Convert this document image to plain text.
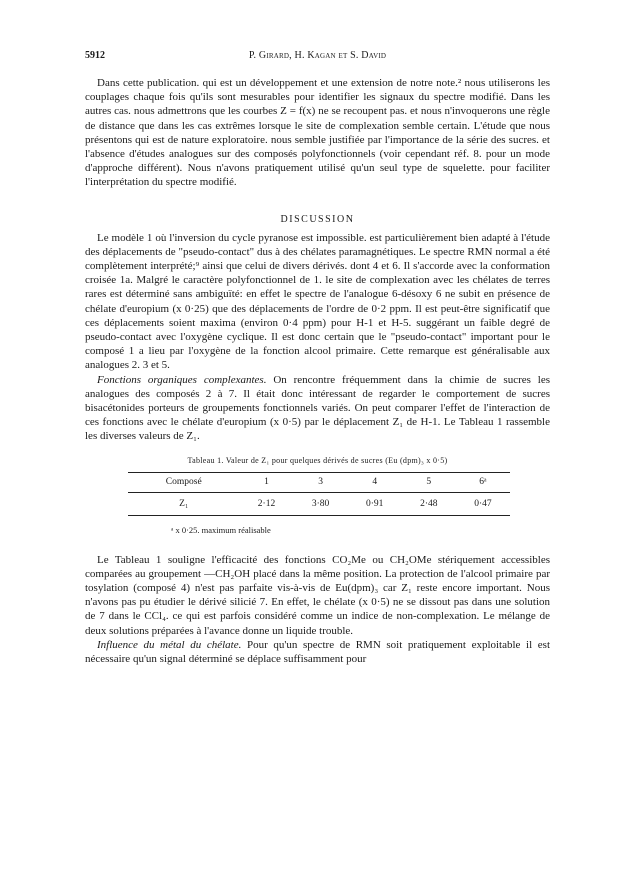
5912	P. Girard, H. Kagan et S. David

Dans cette publication. qui est un développement et une extension de notre note.² nous utiliserons les couplages chaque fois qu'ils sont mesurables pour identifier les signaux du spectre modifié. Dans les autres cas. nous admettrons que les courbes Z = f(x) ne se recoupent pas. et nous n'invoquerons une règle de distance que dans les cas extrêmes lorsque le site de complexation semble certain. L'étude que nous présentons qui est de nature exploratoire. nous semble justifiée par l'importance de la série des sucres. et l'absence d'études analogues sur des composés polyfonctionnels (voir cependant réf. 8. pour un mode d'approche différent). Nous n'avons pratiquement utilisé qu'un seul type de squelette. pour faciliter l'interprétation du spectre modifié.

DISCUSSION

Le modèle 1 où l'inversion du cycle pyranose est impossible. est particulièrement bien adapté à l'étude des déplacements de "pseudo-contact" dus à des chélates paramagnétiques. Le spectre RMN normal a été complètement interprété;⁹ ainsi que celui de divers dérivés. dont 4 et 6. Il s'accorde avec la conformation croisée 1a. Malgré le caractère polyfonctionnel de 1. le site de complexation avec les chélates de terres rares est déterminé sans ambiguïté: en effet le spectre de l'analogue 6-désoxy 6 ne subit en présence de chélate d'europium (x 0·25) que des déplacements de l'ordre de 0·2 ppm. Il est peut-être significatif que ces déplacements soient maxima (environ 0·4 ppm) pour H-1 et H-5. suggérant un faible degré de pseudo-contact avec l'oxygène cyclique. Il est donc certain que le "pseudo-contact" important pour le composé 1 a lieu par l'oxygène de la fonction alcool primaire. Cette remarque est généralisable aux analogues 2. 3 et 5.

Fonctions organiques complexantes. On rencontre fréquemment dans la chimie de sucres les analogues des composés 2 à 7. Il était donc intéressant de regarder le comportement de sucres bisacétonides porteurs de groupements fonctionnels variés. On peut comparer l'effet de l'interaction de ces fonctions avec le chélate d'europium (x 0·5) par le déplacement Z₁ de H-1. Le Tableau 1 rassemble les diverses valeurs de Z₁.

Tableau 1. Valeur de Z₁ pour quelques dérivés de sucres (Eu (dpm)₃ x 0·5)
Composé	1	3	4	5	6ᵃ
Z₁	2·12	3·80	0·91	2·48	0·47
ᵃ x 0·25. maximum réalisable

Le Tableau 1 souligne l'efficacité des fonctions CO₂Me ou CH₂OMe stériquement accessibles comparées au groupement —CH₂OH placé dans la même position. La protection de l'alcool primaire par tosylation (composé 4) n'est pas parfaite vis-à-vis de Eu(dpm)₃ car Z₁ reste encore important. Nous n'avons pas pu étudier le dérivé silicié 7. En effet, le chélate (x 0·5) ne se dissout pas dans une solution de 7 dans le CCl₄. ce qui est parfois considéré comme un indice de non-complexation. Le mélange de deux solutions préparées à l'avance donne un liquide trouble.

Influence du métal du chélate. Pour qu'un spectre de RMN soit pratiquement exploitable il est nécessaire qu'un signal déterminé se déplace suffisamment pour
